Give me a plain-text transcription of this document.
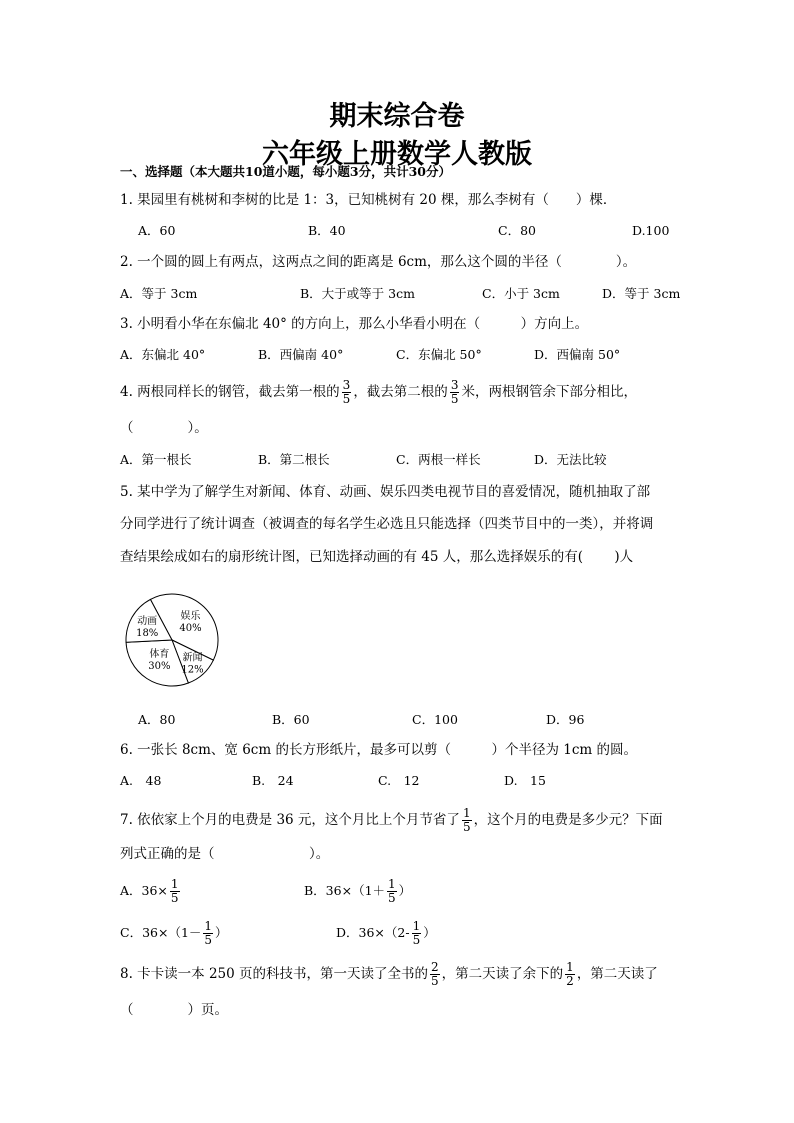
期末综合卷
六年级上册数学人教版
一、选择题（本大题共10道小题，每小题3分，共计30分）
1. 果园里有桃树和李树的比是 1：3，已知桃树有 20 棵，那么李树有（　　）棵．
A．60	B．40	C．80	D.100
2. 一个圆的圆上有两点，这两点之间的距离是 6cm，那么这个圆的半径（　　　　）。
A．等于 3cm	B．大于或等于 3cm	C．小于 3cm	D．等于 3cm
3. 小明看小华在东偏北 40° 的方向上，那么小华看小明在（　　　）方向上。
A．东偏北 40°	B．西偏南 40°	C．东偏北 50°	D．西偏南 50°
4. 两根同样长的钢管，截去第一根的 $\frac{3}{5}$ ，截去第二根的 $\frac{3}{5}$ 米，两根钢管余下部分相比，
（　　　　）。
A．第一根长	B．第二根长	C．两根一样长	D．无法比较
5. 某中学为了解学生对新闻、体育、动画、娱乐四类电视节目的喜爱情况，随机抽取了部
分同学进行了统计调查（被调查的每名学生必选且只能选择（四类节目中的一类），并将调
查结果绘成如右的扇形统计图，已知选择动画的有 45 人，那么选择娱乐的有(　　 )人
娱乐
40%
新闻
12%
体育
30%
动画
18%
A．80	B．60	C．100	D．96
6. 一张长 8cm、宽 6cm 的长方形纸片，最多可以剪（　　　）个半径为 1cm 的圆。
A.　48	B.　24	C.　12	D.　15
7. 依依家上个月的电费是 36 元，这个月比上个月节省了 $\frac{1}{5}$ ，这个月的电费是多少元？下面
列式正确的是（　　　　　　　）。
A．$36\times \frac{1}{5}$	B．$36\times(1+ \frac{1}{5}$ ）
C．$36\times(1- \frac{1}{5}$ ）	D．$36\times(2- \frac{1}{5}$ ）
8. 卡卡读一本 250 页的科技书，第一天读了全书的 $\frac{2}{5}$ ，第二天读了余下的 $\frac{1}{2}$ ，第二天读了
（　　　　）页。
